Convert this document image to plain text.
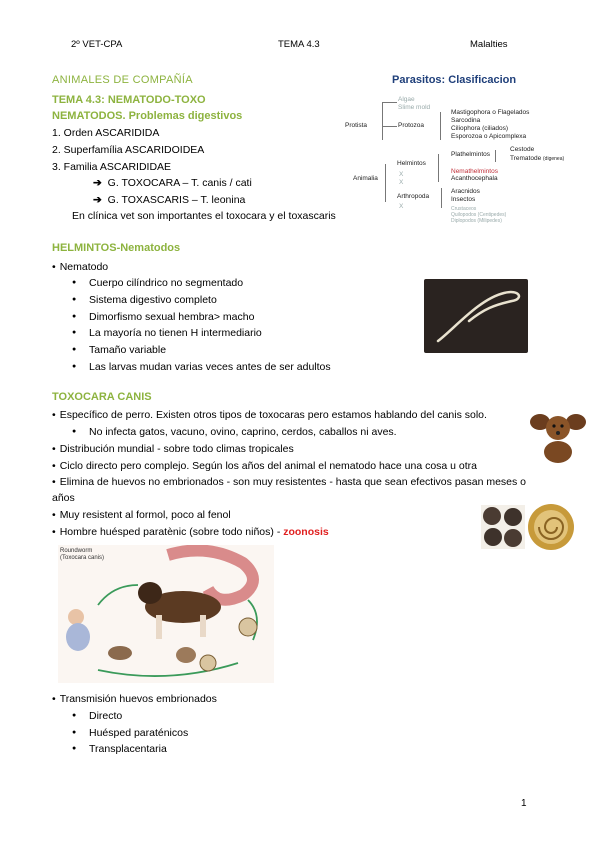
2º VET-CPA	TEMA 4.3	Malalties
ANIMALES DE COMPAÑÍA
TEMA 4.3: NEMATODO-TOXO
NEMATODOS. Problemas digestivos
1. Orden ASCARIDIDA
2. Superfamília ASCARIDOIDEA
3. Familia ASCARIDIDAE
➔ G. TOXOCARA – T. canis / cati
➔ G. TOXASCARIS – T. leonina
En clínica vet son importantes el toxocara y el toxascaris
Parasitos: Clasificacion
Protista
Algae
Slime mold
Protozoa
Mastigophora o Flagelados
Sarcodina
Ciliophora (ciliados)
Esporozoa o Apicomplexa
Animalia
Helmintos
X
X
Arthropoda
X
Plathelmintos
Cestode
Trematode (digenea)
Nemathelmintos
Acanthocephala
Aracnidos
Insectos
Crustaceos
Quilopodos (Centipedes)
Diplopodos (Milipedes)
HELMINTOS-Nematodos
• Nematodo
● Cuerpo cilíndrico no segmentado
● Sistema digestivo completo
● Dimorfismo sexual hembra> macho
● La mayoría no tienen H intermediario
● Tamaño variable
● Las larvas mudan varias veces antes de ser adultos
TOXOCARA CANIS
• Específico de perro. Existen otros tipos de toxocaras pero estamos hablando del canis solo.
● No infecta gatos, vacuno, ovino, caprino, cerdos, caballos ni aves.
• Distribución mundial - sobre todo climas tropicales
• Ciclo directo pero complejo. Según los años del animal el nematodo hace una cosa u otra
• Elimina de huevos no embrionados - son muy resistentes - hasta que sean efectivos pasan meses o
años
• Muy resistent al formol, poco al fenol
• Hombre huésped paratènic (sobre todo niños) - zoonosis
Roundworm
(Toxocara canis)
• Transmisión huevos embrionados
● Directo
● Huésped paraténicos
● Transplacentaria
1
